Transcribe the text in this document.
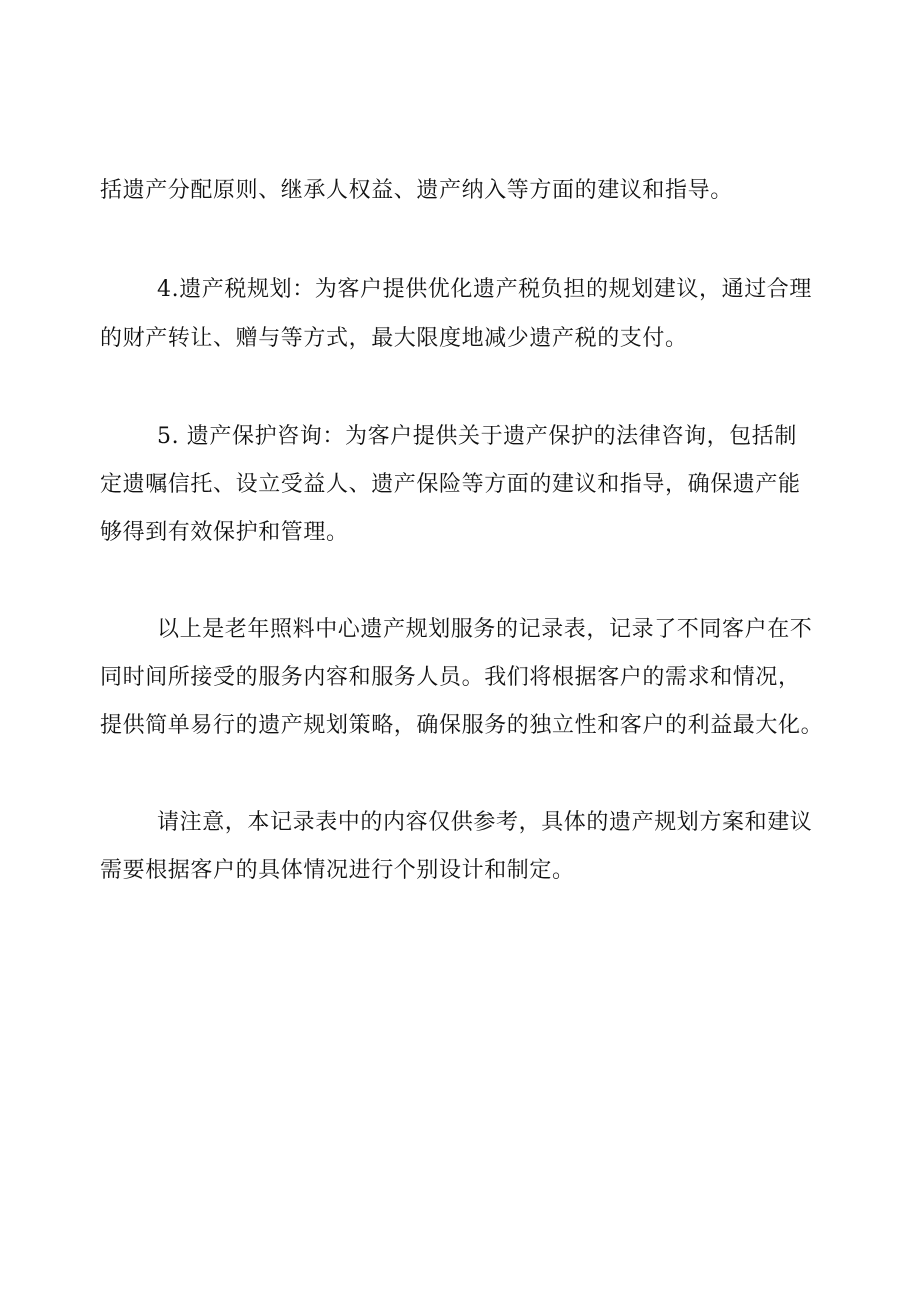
括遗产分配原则、继承人权益、遗产纳入等方面的建议和指导。
4.遗产税规划：为客户提供优化遗产税负担的规划建议，通过合理
的财产转让、赠与等方式，最大限度地减少遗产税的支付。
5. 遗产保护咨询：为客户提供关于遗产保护的法律咨询，包括制
定遗嘱信托、设立受益人、遗产保险等方面的建议和指导，确保遗产能
够得到有效保护和管理。
以上是老年照料中心遗产规划服务的记录表，记录了不同客户在不
同时间所接受的服务内容和服务人员。我们将根据客户的需求和情况，
提供简单易行的遗产规划策略，确保服务的独立性和客户的利益最大化。
请注意，本记录表中的内容仅供参考，具体的遗产规划方案和建议
需要根据客户的具体情况进行个别设计和制定。
